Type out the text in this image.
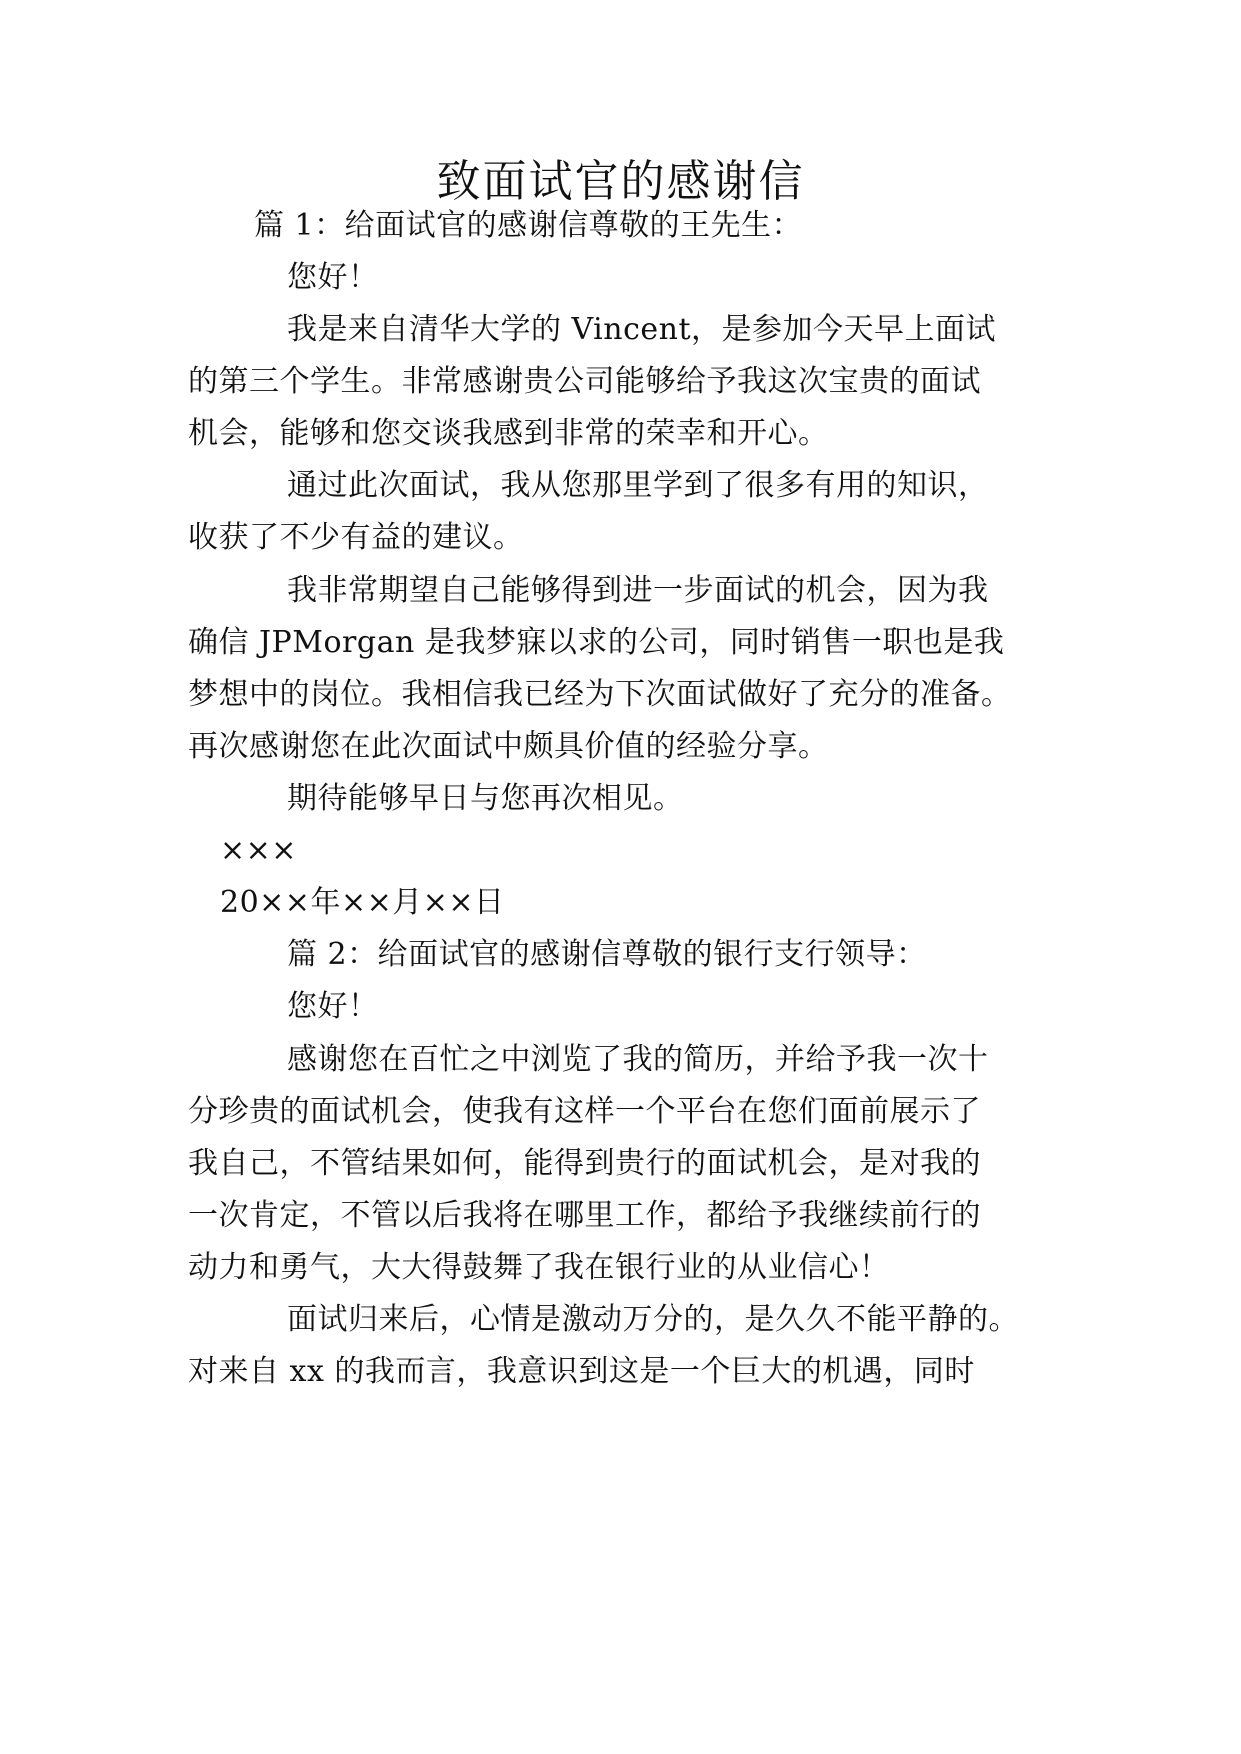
致面试官的感谢信
篇 1：给面试官的感谢信尊敬的王先生：
您好！
我是来自清华大学的 Vincent，是参加今天早上面试
的第三个学生。非常感谢贵公司能够给予我这次宝贵的面试
机会，能够和您交谈我感到非常的荣幸和开心。
通过此次面试，我从您那里学到了很多有用的知识，
收获了不少有益的建议。
我非常期望自己能够得到进一步面试的机会，因为我
确信 JPMorgan 是我梦寐以求的公司，同时销售一职也是我
梦想中的岗位。我相信我已经为下次面试做好了充分的准备。
再次感谢您在此次面试中颇具价值的经验分享。
期待能够早日与您再次相见。
×××
20××年××月××日
篇 2：给面试官的感谢信尊敬的银行支行领导：
您好！
感谢您在百忙之中浏览了我的简历，并给予我一次十
分珍贵的面试机会，使我有这样一个平台在您们面前展示了
我自己，不管结果如何，能得到贵行的面试机会，是对我的
一次肯定，不管以后我将在哪里工作，都给予我继续前行的
动力和勇气，大大得鼓舞了我在银行业的从业信心！
面试归来后，心情是激动万分的，是久久不能平静的。
对来自 xx 的我而言，我意识到这是一个巨大的机遇，同时
